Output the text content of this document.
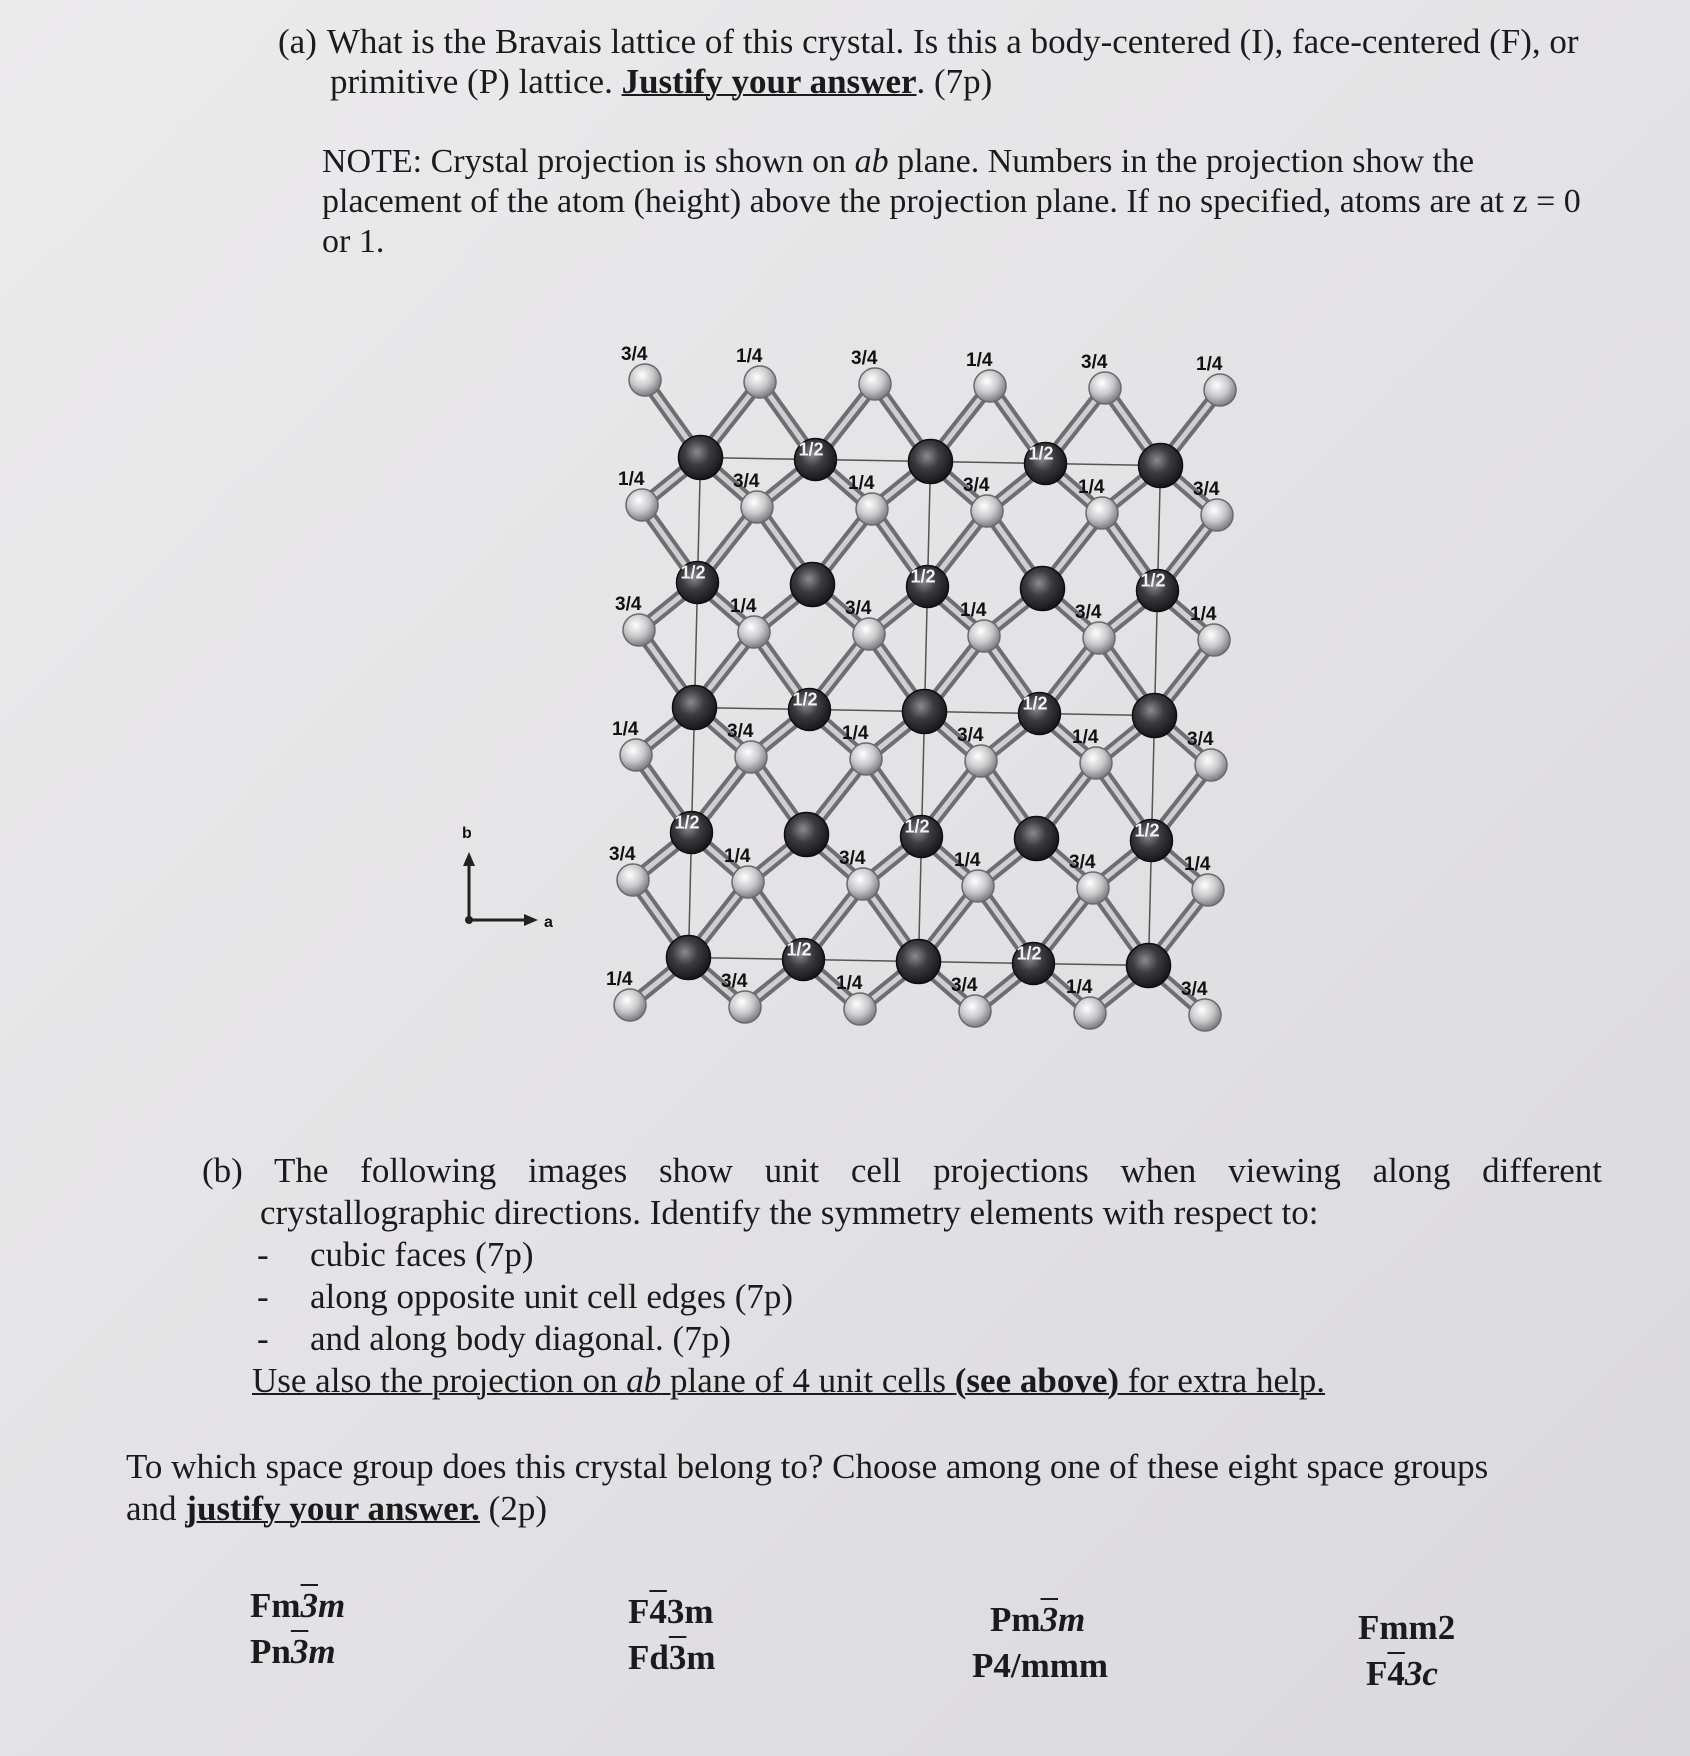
(a) What is the Bravais lattice of this crystal. Is this a body-centered (I), face-centered (F), or
primitive (P) lattice. Justify your answer. (7p)
NOTE: Crystal projection is shown on ab plane. Numbers in the projection show the placement of the atom (height) above the projection plane. If no specified, atoms are at z = 0 or 1.
3/4	1/4	3/4	1/4	3/4	1/4
1/4	3/4	1/4	3/4	1/4	3/4
3/4	1/4	3/4	1/4	3/4	1/4
1/4	3/4	1/4	3/4	1/4	3/4
3/4	1/4	3/4	1/4	3/4	1/4
1/4	3/4	1/4	3/4	1/4	3/4
1/2	1/2
1/2	1/2	1/2
1/2	1/2
1/2	1/2	1/2
1/2	1/2
b
a
(b) The following images show unit cell projections when viewing along different
crystallographic directions. Identify the symmetry elements with respect to:
- cubic faces (7p)
- along opposite unit cell edges (7p)
- and along body diagonal. (7p)
Use also the projection on ab plane of 4 unit cells (see above) for extra help.
To which space group does this crystal belong to? Choose among one of these eight space groups
and justify your answer. (2p)
Fm3m
Pn3m
F43m
Fd3m
Pm3m
P4/mmm
Fmm2
F43c
